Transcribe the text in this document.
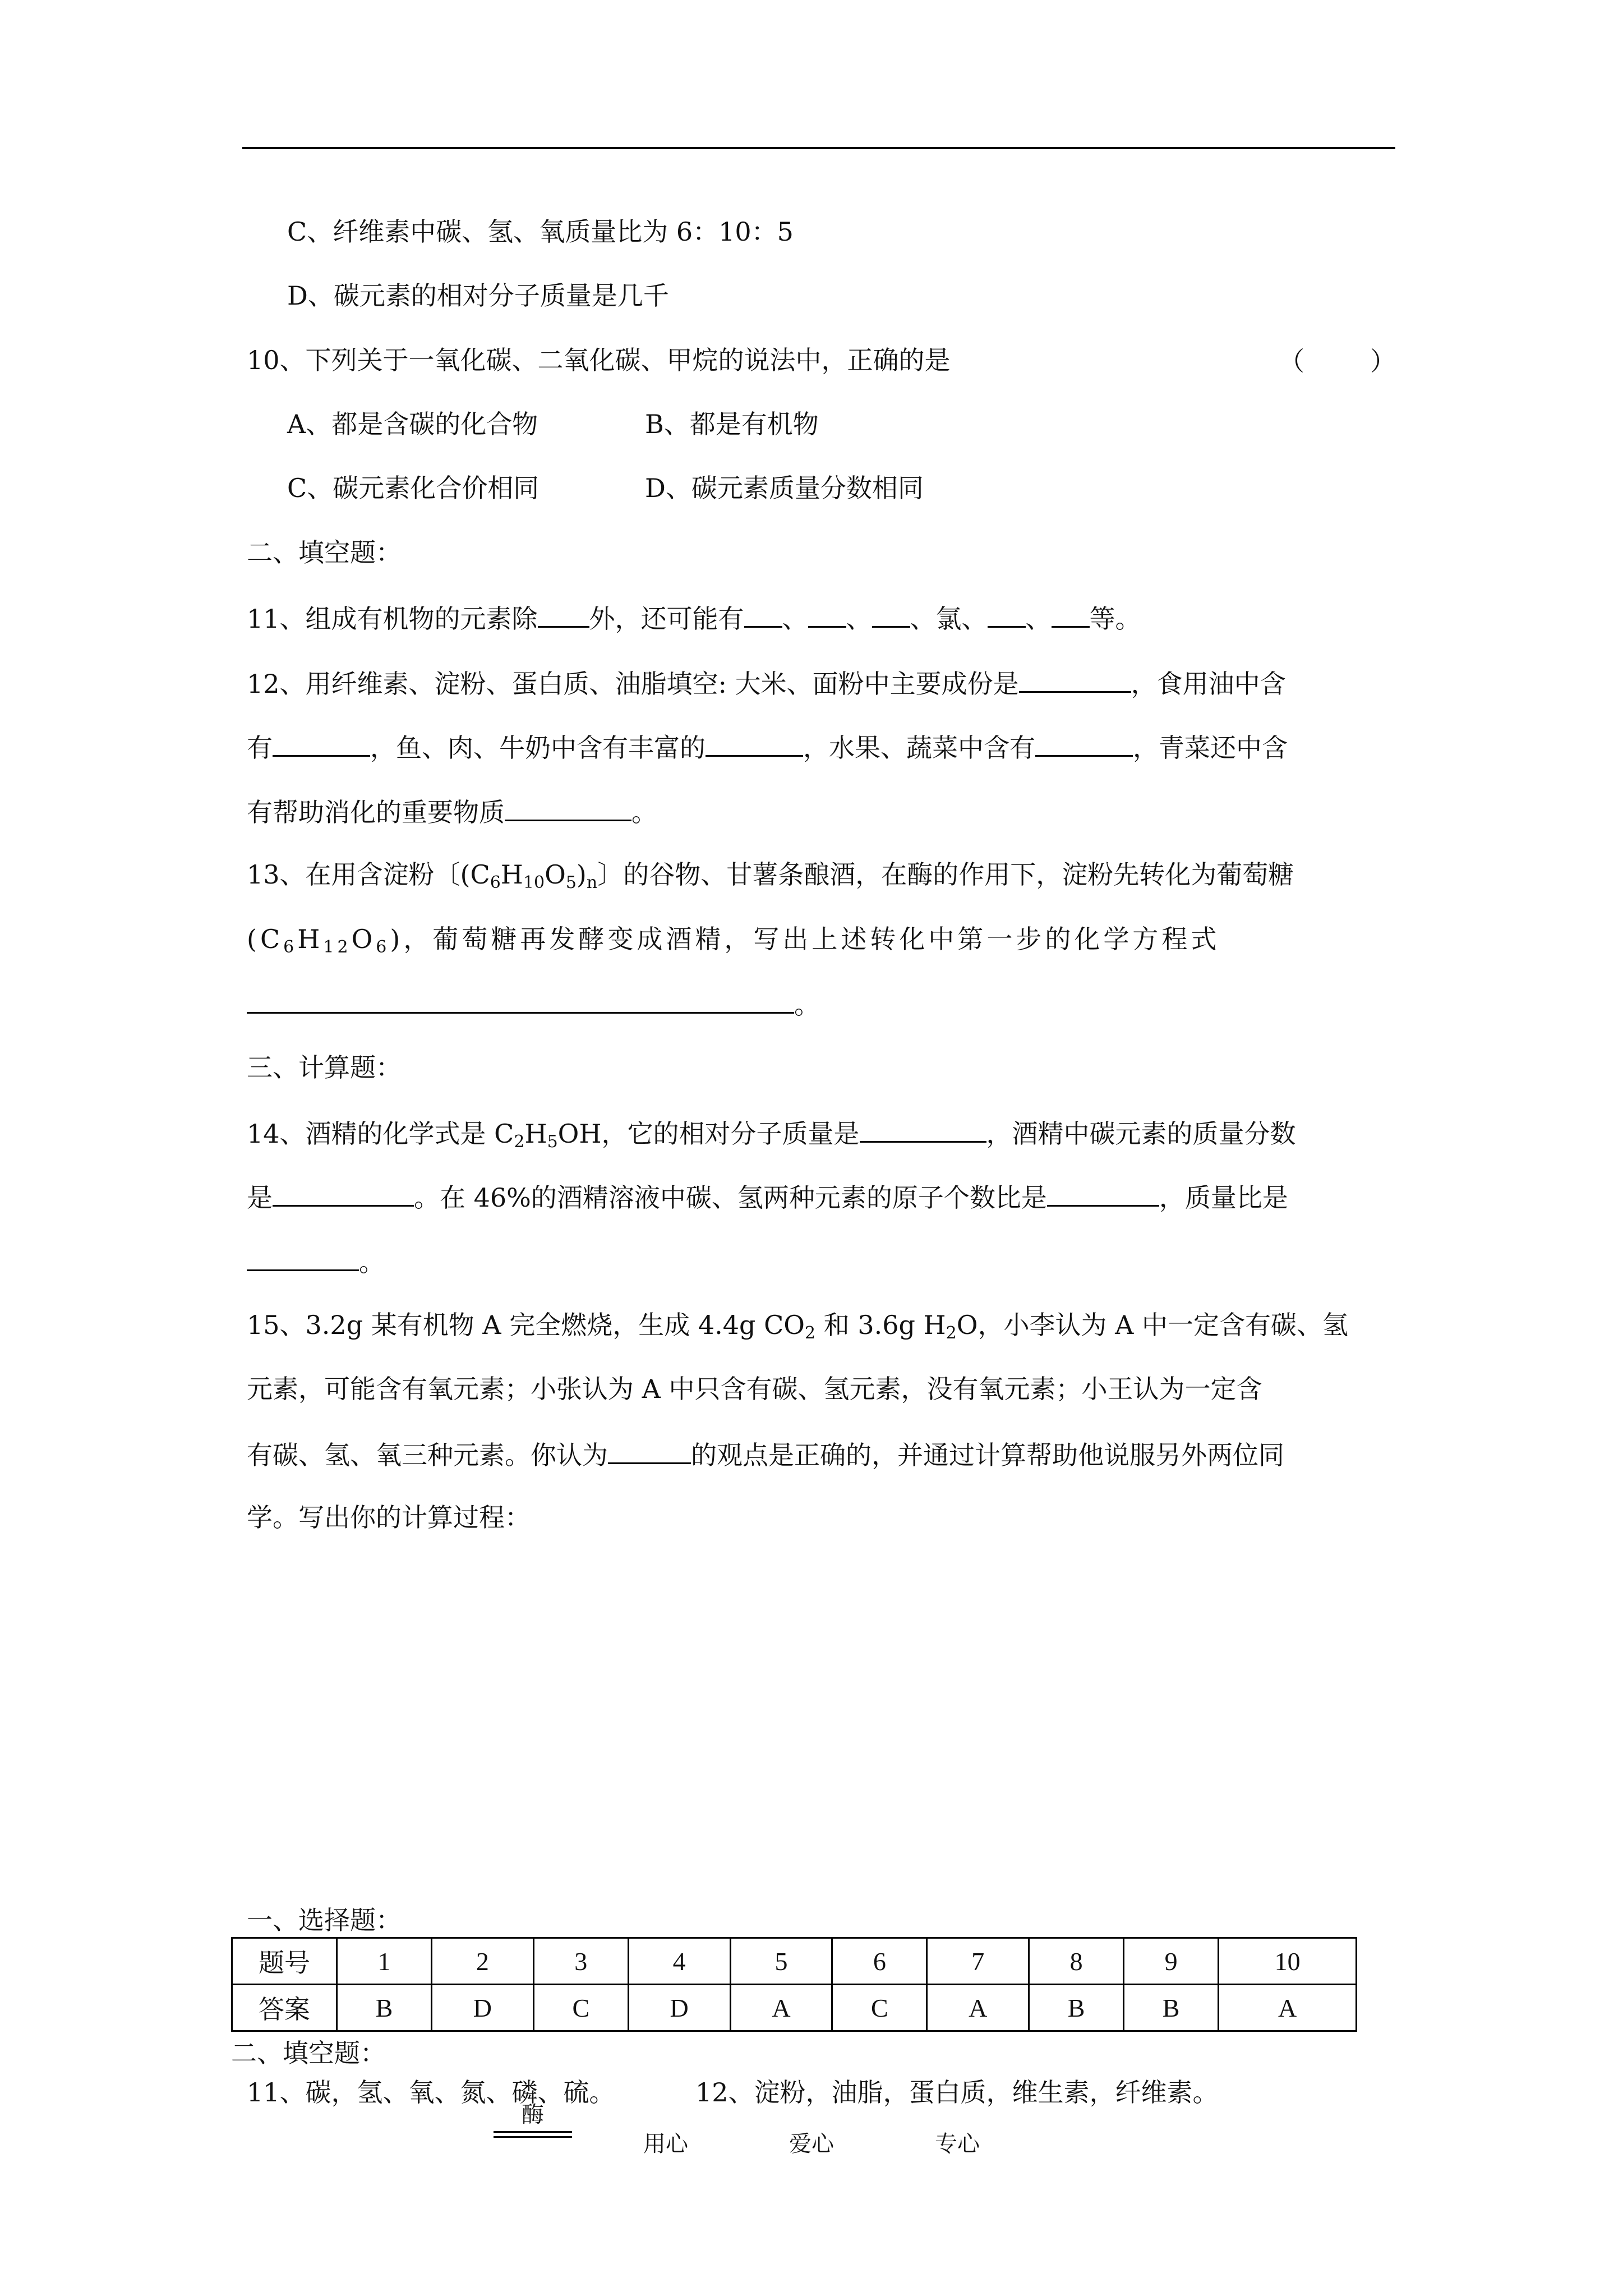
C、纤维素中碳、氢、氧质量比为 6：10：5
D、碳元素的相对分子质量是几千
10、下列关于一氧化碳、二氧化碳、甲烷的说法中，正确的是	（        ）
A、都是含碳的化合物	B、都是有机物
C、碳元素化合价相同	D、碳元素质量分数相同
二、填空题：
11、组成有机物的元素除 外，还可能有 、 、 、氯、 、 等。
12、用纤维素、淀粉、蛋白质、油脂填空: 大米、面粉中主要成份是	，食用油中含
有	，鱼、肉、牛奶中含有丰富的	，水果、蔬菜中含有	，青菜还中含
有帮助消化的重要物质	。
13、在用含淀粉〔$(C_6H_{10}O_5)_n$〕的谷物、甘薯条酿酒，在酶的作用下，淀粉先转化为葡萄糖
$(C_6H_{12}O_6)$，葡萄糖再发酵变成酒精，写出上述转化中第一步的化学方程式
。
三、计算题：
14、酒精的化学式是 $C_2H_5OH$，它的相对分子质量是	，酒精中碳元素的质量分数
是	。在 46%的酒精溶液中碳、氢两种元素的原子个数比是	，质量比是
。
15、3.2g 某有机物 A 完全燃烧，生成 4.4g $CO_2$ 和 3.6g $H_2O$，小李认为 A 中一定含有碳、氢
元素，可能含有氧元素；小张认为 A 中只含有碳、氢元素，没有氧元素；小王认为一定含
有碳、氢、氧三种元素。你认为	的观点是正确的，并通过计算帮助他说服另外两位同
学。写出你的计算过程：
一、选择题：
题号	1	2	3	4	5	6	7	8	9	10
答案	B	D	C	D	A	C	A	B	B	A
二、填空题：
11、碳，氢、氧、氮、磷、硫。	12、淀粉，油脂，蛋白质，维生素，纤维素。
酶
用心	爱心	专心
